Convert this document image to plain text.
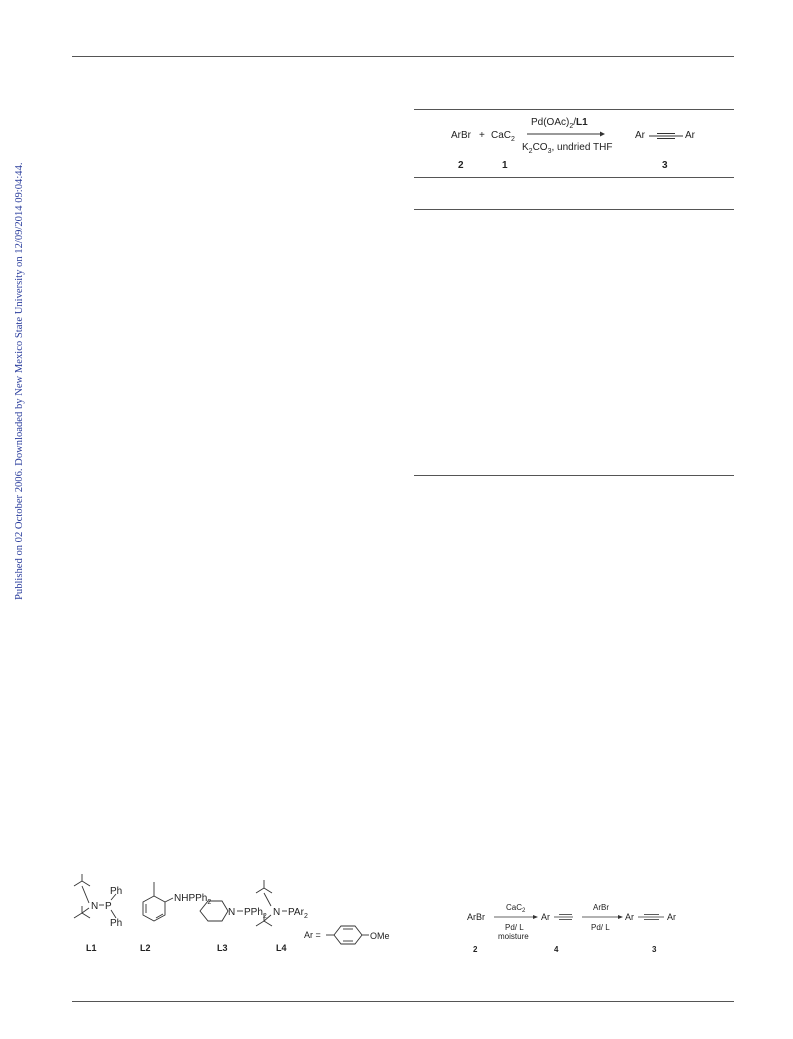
Published on 02 October 2006. Downloaded by New Mexico State University on 12/09/2014 09:04:44.
ArBr + CaC$_2$
$Pd(OAc)_2/L1$
$K_2CO_3$, undried THF
Ar	Ar
2	1	3
N P
Ph
Ph
L1
NHPPh$_2$
L2
N PPh$_2$
L3
N PAr$_2$
L4
Ar =	OMe
ArBr
CaC$_2$
Pd/ L
moisture
Ar
ArBr
Pd/ L
Ar	Ar
2	4	3
